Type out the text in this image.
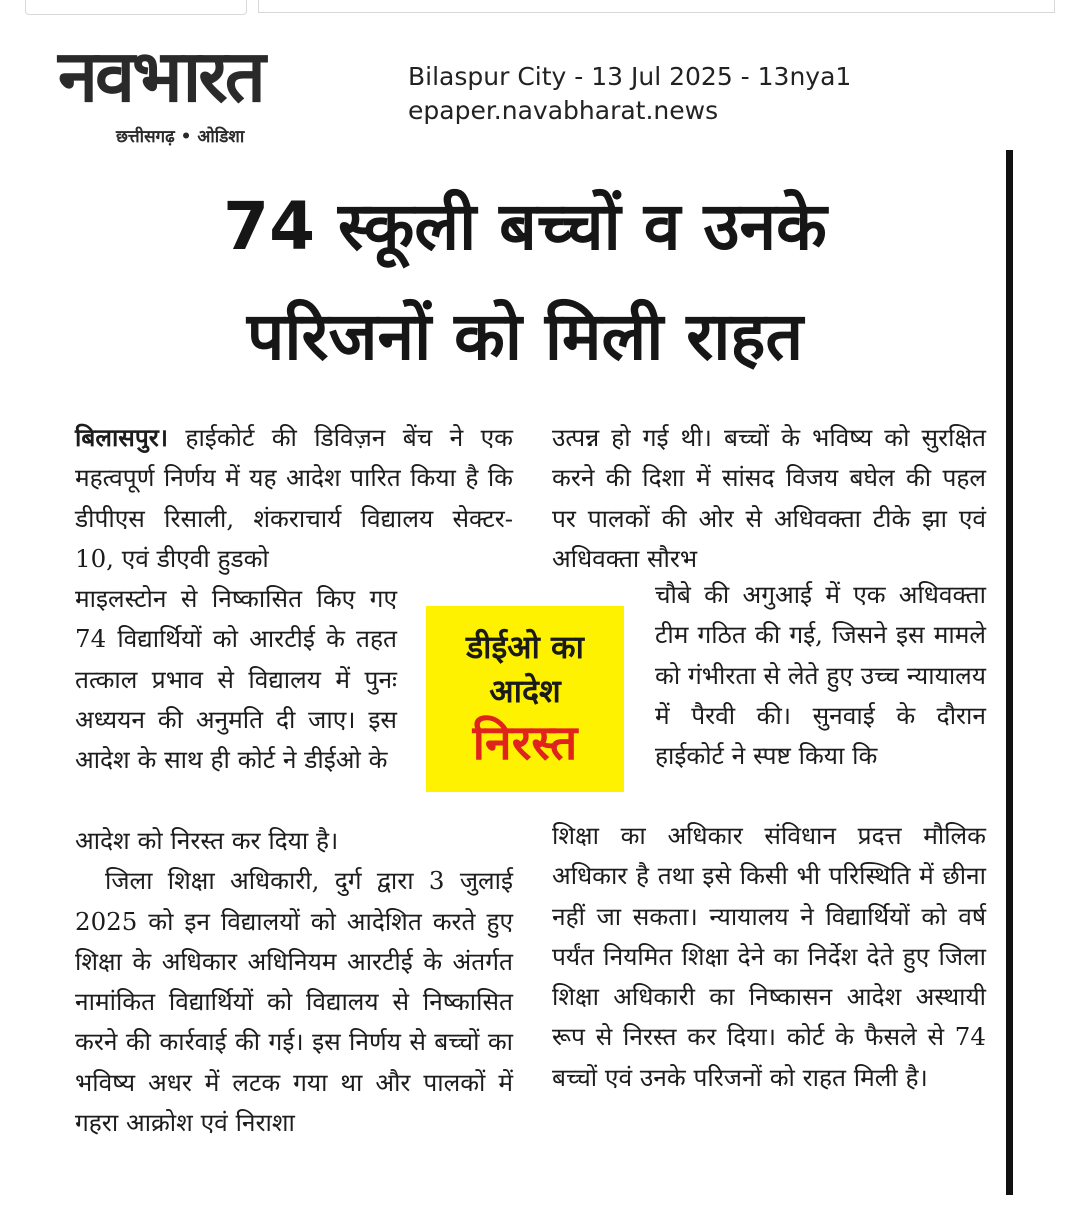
नवभारत
छत्तीसगढ़ • ओडिशा
Bilaspur City - 13 Jul 2025 - 13nya1
epaper.navabharat.news
74 स्कूली बच्चों व उनके
परिजनों को मिली राहत

बिलासपुर। हाईकोर्ट की डिविज़न बेंच ने एक महत्वपूर्ण निर्णय में यह आदेश पारित किया है कि डीपीएस रिसाली, शंकराचार्य विद्यालय सेक्टर- 10, एवं डीएवी हुडको

माइलस्टोन से निष्कासित किए गए 74 विद्यार्थियों को आरटीई के तहत तत्काल प्रभाव से विद्यालय में पुनः अध्ययन की अनुमति दी जाए। इस आदेश के साथ ही कोर्ट ने डीईओ के

डीईओ का
आदेश
निरस्त

आदेश को निरस्त कर दिया है।

जिला शिक्षा अधिकारी, दुर्ग द्वारा 3 जुलाई 2025 को इन विद्यालयों को आदेशित करते हुए शिक्षा के अधिकार अधिनियम आरटीई के अंतर्गत नामांकित विद्यार्थियों को विद्यालय से निष्कासित करने की कार्रवाई की गई। इस निर्णय से बच्चों का भविष्य अधर में लटक गया था और पालकों में गहरा आक्रोश एवं निराशा

उत्पन्न हो गई थी। बच्चों के भविष्य को सुरक्षित करने की दिशा में सांसद विजय बघेल की पहल पर पालकों की ओर से अधिवक्ता टीके झा एवं अधिवक्ता सौरभ

चौबे की अगुआई में एक अधिवक्ता टीम गठित की गई, जिसने इस मामले को गंभीरता से लेते हुए उच्च न्यायालय में पैरवी की। सुनवाई के दौरान हाईकोर्ट ने स्पष्ट किया कि

शिक्षा का अधिकार संविधान प्रदत्त मौलिक अधिकार है तथा इसे किसी भी परिस्थिति में छीना नहीं जा सकता। न्यायालय ने विद्यार्थियों को वर्ष पर्यंत नियमित शिक्षा देने का निर्देश देते हुए जिला शिक्षा अधिकारी का निष्कासन आदेश अस्थायी रूप से निरस्त कर दिया। कोर्ट के फैसले से 74 बच्चों एवं उनके परिजनों को राहत मिली है।
